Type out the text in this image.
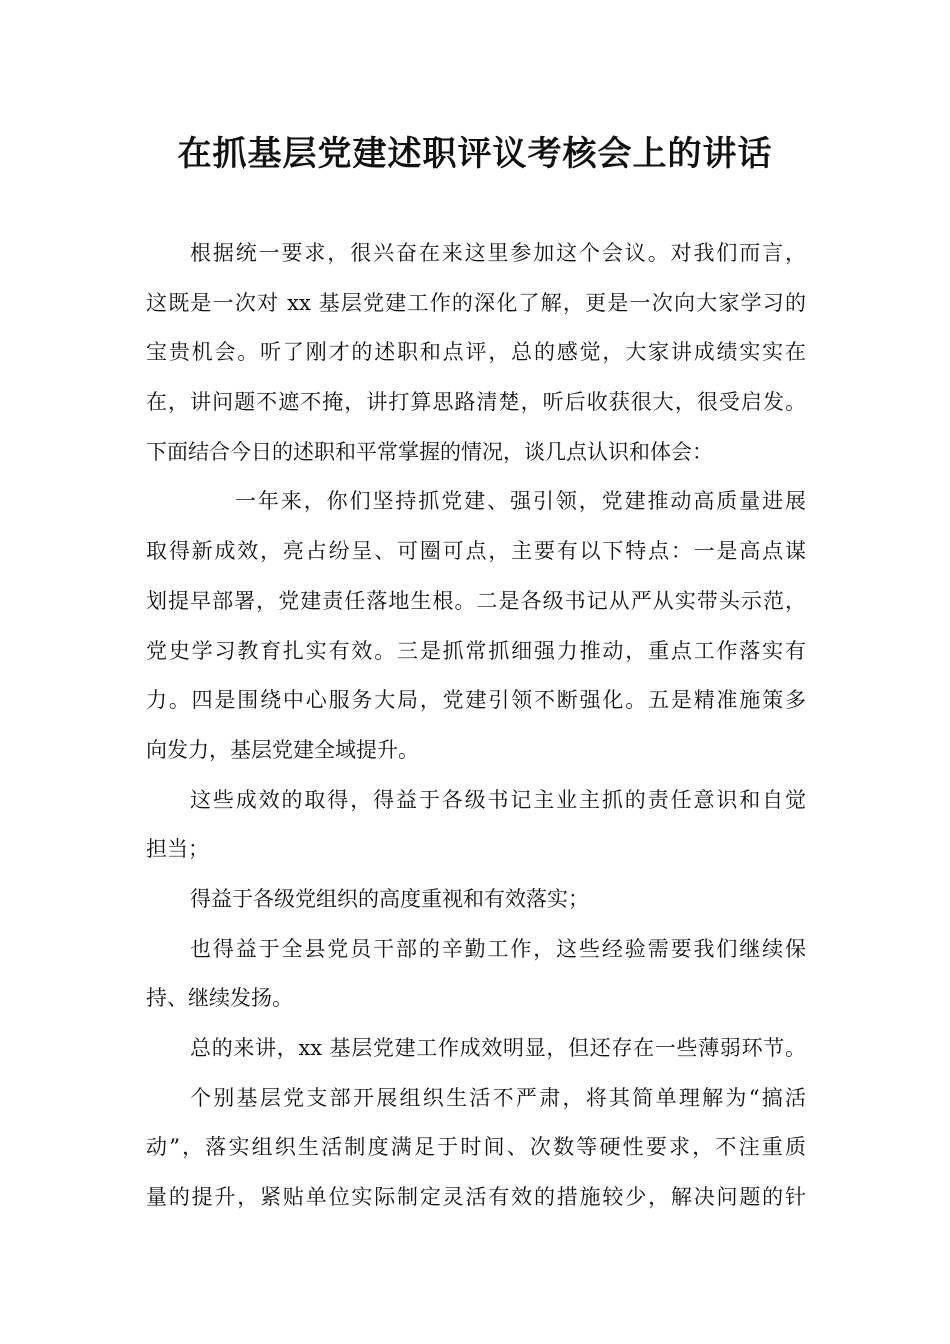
在抓基层党建述职评议考核会上的讲话
根据统一要求，很兴奋在来这里参加这个会议。对我们而言，
这既是一次对 xx 基层党建工作的深化了解，更是一次向大家学习的
宝贵机会。听了刚才的述职和点评，总的感觉，大家讲成绩实实在
在，讲问题不遮不掩，讲打算思路清楚，听后收获很大，很受启发。
下面结合今日的述职和平常掌握的情况，谈几点认识和体会：
一年来，你们坚持抓党建、强引领，党建推动高质量进展
取得新成效，亮占纷呈、可圈可点，主要有以下特点：一是高点谋
划提早部署，党建责任落地生根。二是各级书记从严从实带头示范，
党史学习教育扎实有效。三是抓常抓细强力推动，重点工作落实有
力。四是围绕中心服务大局，党建引领不断强化。五是精准施策多
向发力，基层党建全域提升。
这些成效的取得，得益于各级书记主业主抓的责任意识和自觉
担当；
得益于各级党组织的高度重视和有效落实；
也得益于全县党员干部的辛勤工作，这些经验需要我们继续保
持、继续发扬。
总的来讲，xx 基层党建工作成效明显，但还存在一些薄弱环节。
个别基层党支部开展组织生活不严肃，将其简单理解为“搞活
动”，落实组织生活制度满足于时间、次数等硬性要求，不注重质
量的提升，紧贴单位实际制定灵活有效的措施较少，解决问题的针
